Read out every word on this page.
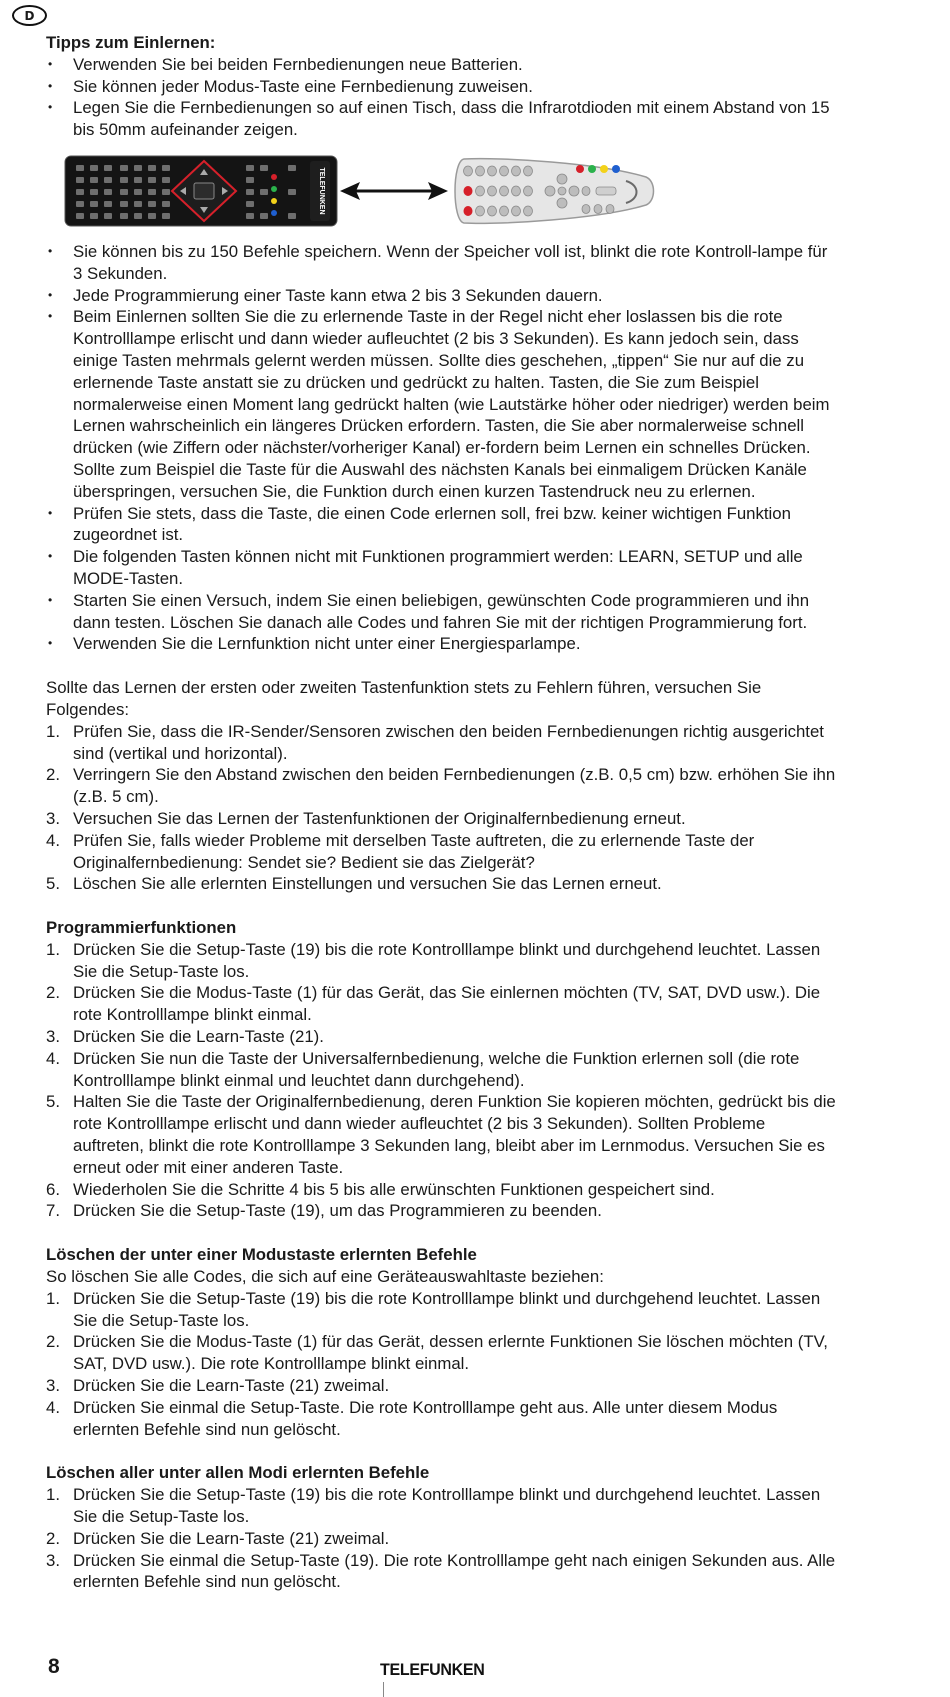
D
Tipps zum Einlernen:
• Verwenden Sie bei beiden Fernbedienungen neue Batterien.
• Sie können jeder Modus-Taste eine Fernbedienung zuweisen.
• Legen Sie die Fernbedienungen so auf einen Tisch, dass die Infrarotdioden mit einem Abstand von 15 bis 50mm aufeinander zeigen.
TELEFUNKEN
• Sie können bis zu 150 Befehle speichern. Wenn der Speicher voll ist, blinkt die rote Kontroll-lampe für 3 Sekunden.
• Jede Programmierung einer Taste kann etwa 2 bis 3 Sekunden dauern.
• Beim Einlernen sollten Sie die zu erlernende Taste in der Regel nicht eher loslassen bis die rote Kontrolllampe erlischt und dann wieder aufleuchtet (2 bis 3 Sekunden). Es kann jedoch sein, dass einige Tasten mehrmals gelernt werden müssen. Sollte dies geschehen, „tippen“ Sie nur auf die zu erlernende Taste anstatt sie zu drücken und gedrückt zu halten. Tasten, die Sie zum Beispiel normalerweise einen Moment lang gedrückt halten (wie Lautstärke höher oder niedriger) werden beim Lernen wahrscheinlich ein längeres Drücken erfordern. Tasten, die Sie aber normalerweise schnell drücken (wie Ziffern oder nächster/vorheriger Kanal) er-fordern beim Lernen ein schnelles Drücken. Sollte zum Beispiel die Taste für die Auswahl des nächsten Kanals bei einmaligem Drücken Kanäle überspringen, versuchen Sie, die Funktion durch einen kurzen Tastendruck neu zu erlernen.
• Prüfen Sie stets, dass die Taste, die einen Code erlernen soll, frei bzw. keiner wichtigen Funktion zugeordnet ist.
• Die folgenden Tasten können nicht mit Funktionen programmiert werden: LEARN, SETUP und alle MODE-Tasten.
• Starten Sie einen Versuch, indem Sie einen beliebigen, gewünschten Code programmieren und ihn dann testen. Löschen Sie danach alle Codes und fahren Sie mit der richtigen Programmierung fort.
• Verwenden Sie die Lernfunktion nicht unter einer Energiesparlampe.

Sollte das Lernen der ersten oder zweiten Tastenfunktion stets zu Fehlern führen, versuchen Sie Folgendes:

1. Prüfen Sie, dass die IR-Sender/Sensoren zwischen den beiden Fernbedienungen richtig ausgerichtet sind (vertikal und horizontal).
2. Verringern Sie den Abstand zwischen den beiden Fernbedienungen (z.B. 0,5 cm) bzw. erhöhen Sie ihn (z.B. 5 cm).
3. Versuchen Sie das Lernen der Tastenfunktionen der Originalfernbedienung erneut.
4. Prüfen Sie, falls wieder Probleme mit derselben Taste auftreten, die zu erlernende Taste der Originalfernbedienung: Sendet sie? Bedient sie das Zielgerät?
5. Löschen Sie alle erlernten Einstellungen und versuchen Sie das Lernen erneut.
Programmierfunktionen
1. Drücken Sie die Setup-Taste (19) bis die rote Kontrolllampe blinkt und durchgehend leuchtet. Lassen Sie die Setup-Taste los.
2. Drücken Sie die Modus-Taste (1) für das Gerät, das Sie einlernen möchten (TV, SAT, DVD usw.). Die rote Kontrolllampe blinkt einmal.
3. Drücken Sie die Learn-Taste (21).
4. Drücken Sie nun die Taste der Universalfernbedienung, welche die Funktion erlernen soll (die rote Kontrolllampe blinkt einmal und leuchtet dann durchgehend).
5. Halten Sie die Taste der Originalfernbedienung, deren Funktion Sie kopieren möchten, gedrückt bis die rote Kontrolllampe erlischt und dann wieder aufleuchtet (2 bis 3 Sekunden). Sollten Probleme auftreten, blinkt die rote Kontrolllampe 3 Sekunden lang, bleibt aber im Lernmodus. Versuchen Sie es erneut oder mit einer anderen Taste.
6. Wiederholen Sie die Schritte 4 bis 5 bis alle erwünschten Funktionen gespeichert sind.
7. Drücken Sie die Setup-Taste (19), um das Programmieren zu beenden.
Löschen der unter einer Modustaste erlernten Befehle

So löschen Sie alle Codes, die sich auf eine Geräteauswahltaste beziehen:

1. Drücken Sie die Setup-Taste (19) bis die rote Kontrolllampe blinkt und durchgehend leuchtet. Lassen Sie die Setup-Taste los.
2. Drücken Sie die Modus-Taste (1) für das Gerät, dessen erlernte Funktionen Sie löschen möchten (TV, SAT, DVD usw.). Die rote Kontrolllampe blinkt einmal.
3. Drücken Sie die Learn-Taste (21) zweimal.
4. Drücken Sie einmal die Setup-Taste. Die rote Kontrolllampe geht aus. Alle unter diesem Modus erlernten Befehle sind nun gelöscht.
Löschen aller unter allen Modi erlernten Befehle
1. Drücken Sie die Setup-Taste (19) bis die rote Kontrolllampe blinkt und durchgehend leuchtet. Lassen Sie die Setup-Taste los.
2. Drücken Sie die Learn-Taste (21) zweimal.
3. Drücken Sie einmal die Setup-Taste (19). Die rote Kontrolllampe geht nach einigen Sekunden aus. Alle erlernten Befehle sind nun gelöscht.
8	TELEFUNKEN
